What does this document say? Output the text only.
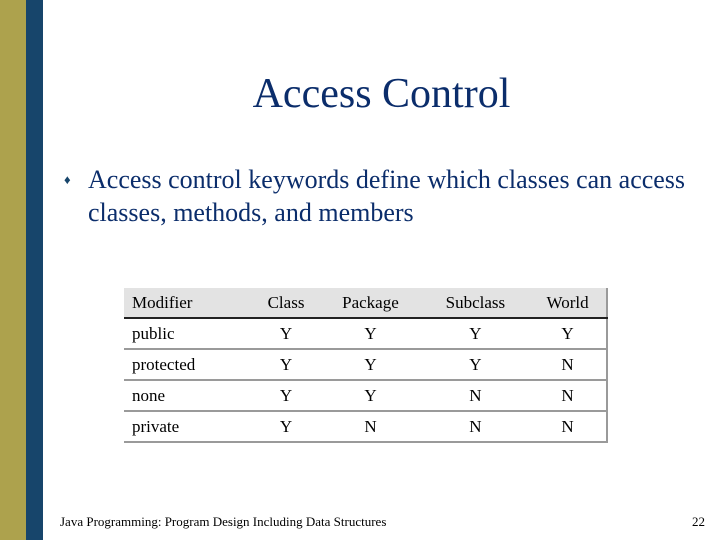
Access Control
♦ Access control keywords define which classes can access classes, methods, and members
Modifier	Class	Package	Subclass	World
public	Y	Y	Y	Y
protected	Y	Y	Y	N
none	Y	Y	N	N
private	Y	N	N	N
Java Programming: Program Design Including Data Structures	22
